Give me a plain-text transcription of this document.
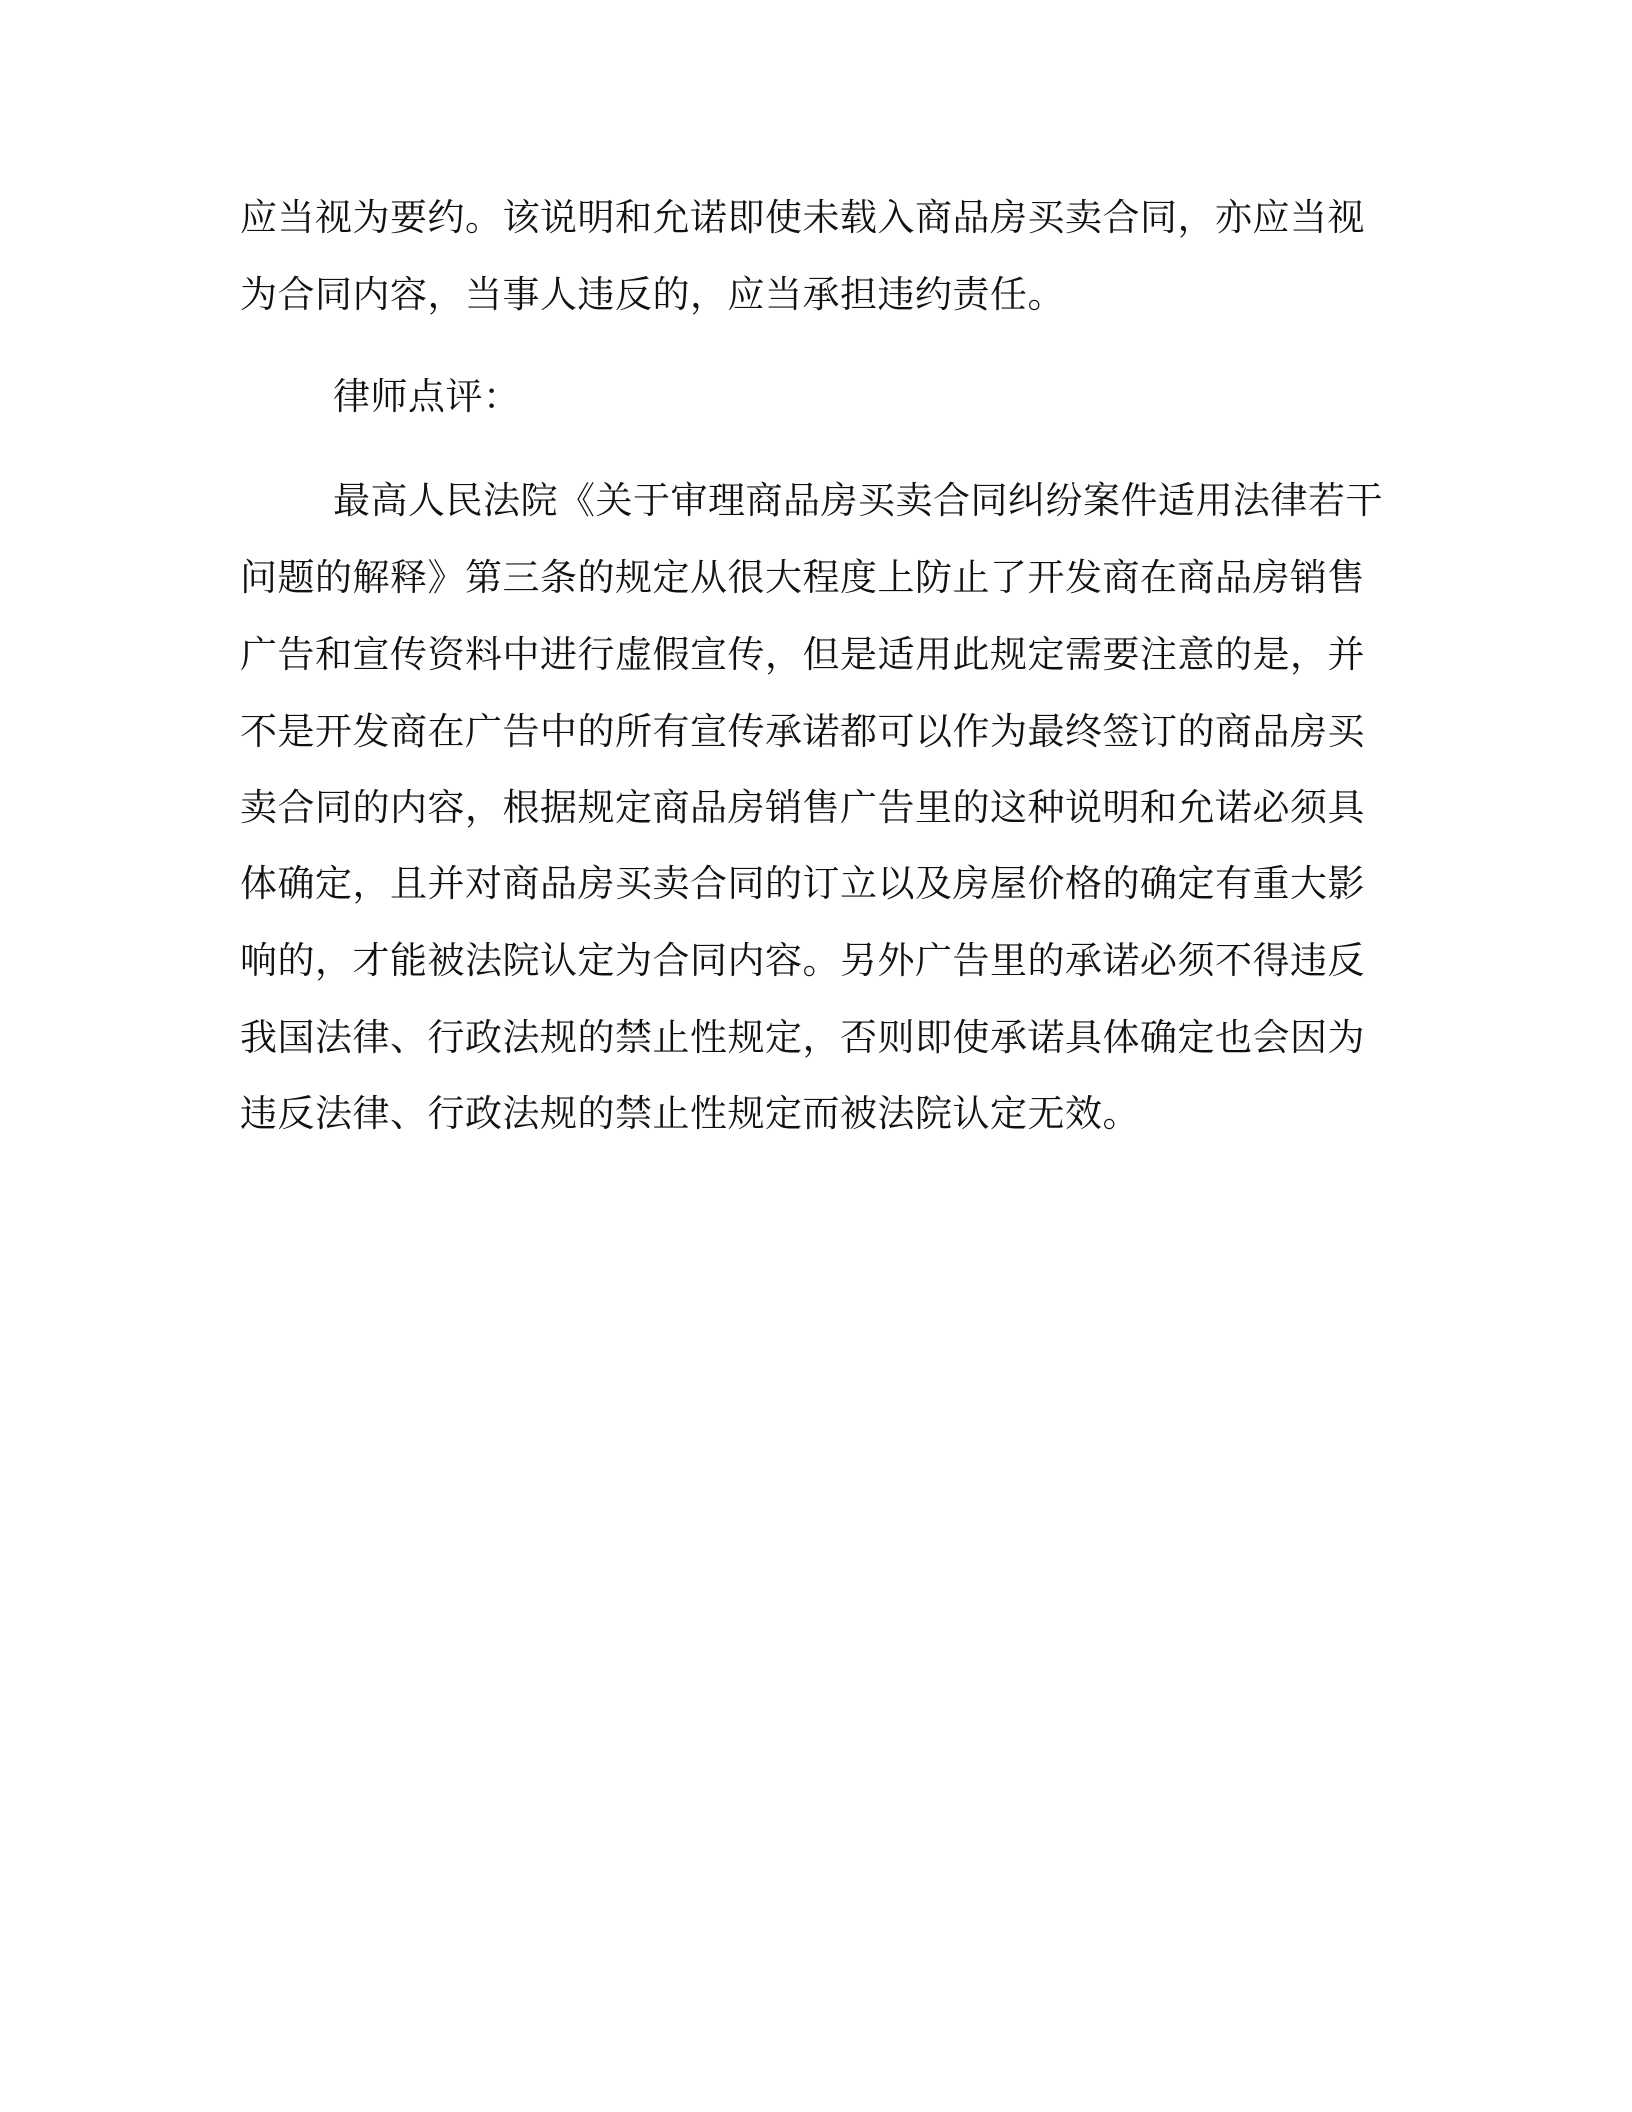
应当视为要约。该说明和允诺即使未载入商品房买卖合同，亦应当视
为合同内容，当事人违反的，应当承担违约责任。
律师点评：
最高人民法院《关于审理商品房买卖合同纠纷案件适用法律若干
问题的解释》第三条的规定从很大程度上防止了开发商在商品房销售
广告和宣传资料中进行虚假宣传，但是适用此规定需要注意的是，并
不是开发商在广告中的所有宣传承诺都可以作为最终签订的商品房买
卖合同的内容，根据规定商品房销售广告里的这种说明和允诺必须具
体确定，且并对商品房买卖合同的订立以及房屋价格的确定有重大影
响的，才能被法院认定为合同内容。另外广告里的承诺必须不得违反
我国法律、行政法规的禁止性规定，否则即使承诺具体确定也会因为
违反法律、行政法规的禁止性规定而被法院认定无效。
